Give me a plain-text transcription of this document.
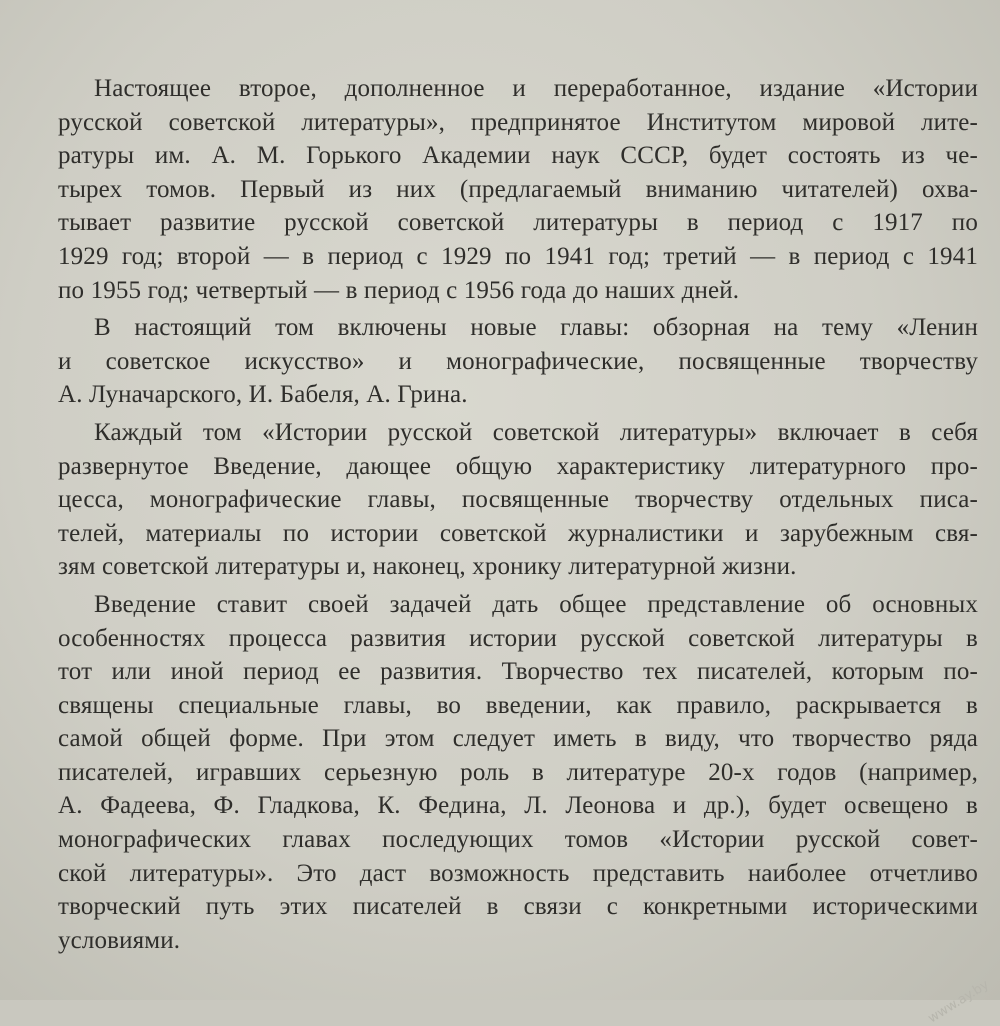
Настоящее второе, дополненное и переработанное, издание «Истории
русской советской литературы», предпринятое Институтом мировой лите-
ратуры им. А. М. Горького Академии наук СССР, будет состоять из че-
тырех томов. Первый из них (предлагаемый вниманию читателей) охва-
тывает развитие русской советской литературы в период с 1917 по
1929 год; второй — в период с 1929 по 1941 год; третий — в период с 1941
по 1955 год; четвертый — в период с 1956 года до наших дней.
В настоящий том включены новые главы: обзорная на тему «Ленин
и советское искусство» и монографические, посвященные творчеству
А. Луначарского, И. Бабеля, А. Грина.
Каждый том «Истории русской советской литературы» включает в себя
развернутое Введение, дающее общую характеристику литературного про-
цесса, монографические главы, посвященные творчеству отдельных писа-
телей, материалы по истории советской журналистики и зарубежным свя-
зям советской литературы и, наконец, хронику литературной жизни.
Введение ставит своей задачей дать общее представление об основных
особенностях процесса развития истории русской советской литературы в
тот или иной период ее развития. Творчество тех писателей, которым по-
священы специальные главы, во введении, как правило, раскрывается в
самой общей форме. При этом следует иметь в виду, что творчество ряда
писателей, игравших серьезную роль в литературе 20-х годов (например,
А. Фадеева, Ф. Гладкова, К. Федина, Л. Леонова и др.), будет освещено в
монографических главах последующих томов «Истории русской совет-
ской литературы». Это даст возможность представить наиболее отчетливо
творческий путь этих писателей в связи с конкретными историческими
условиями.
www.ay.by
